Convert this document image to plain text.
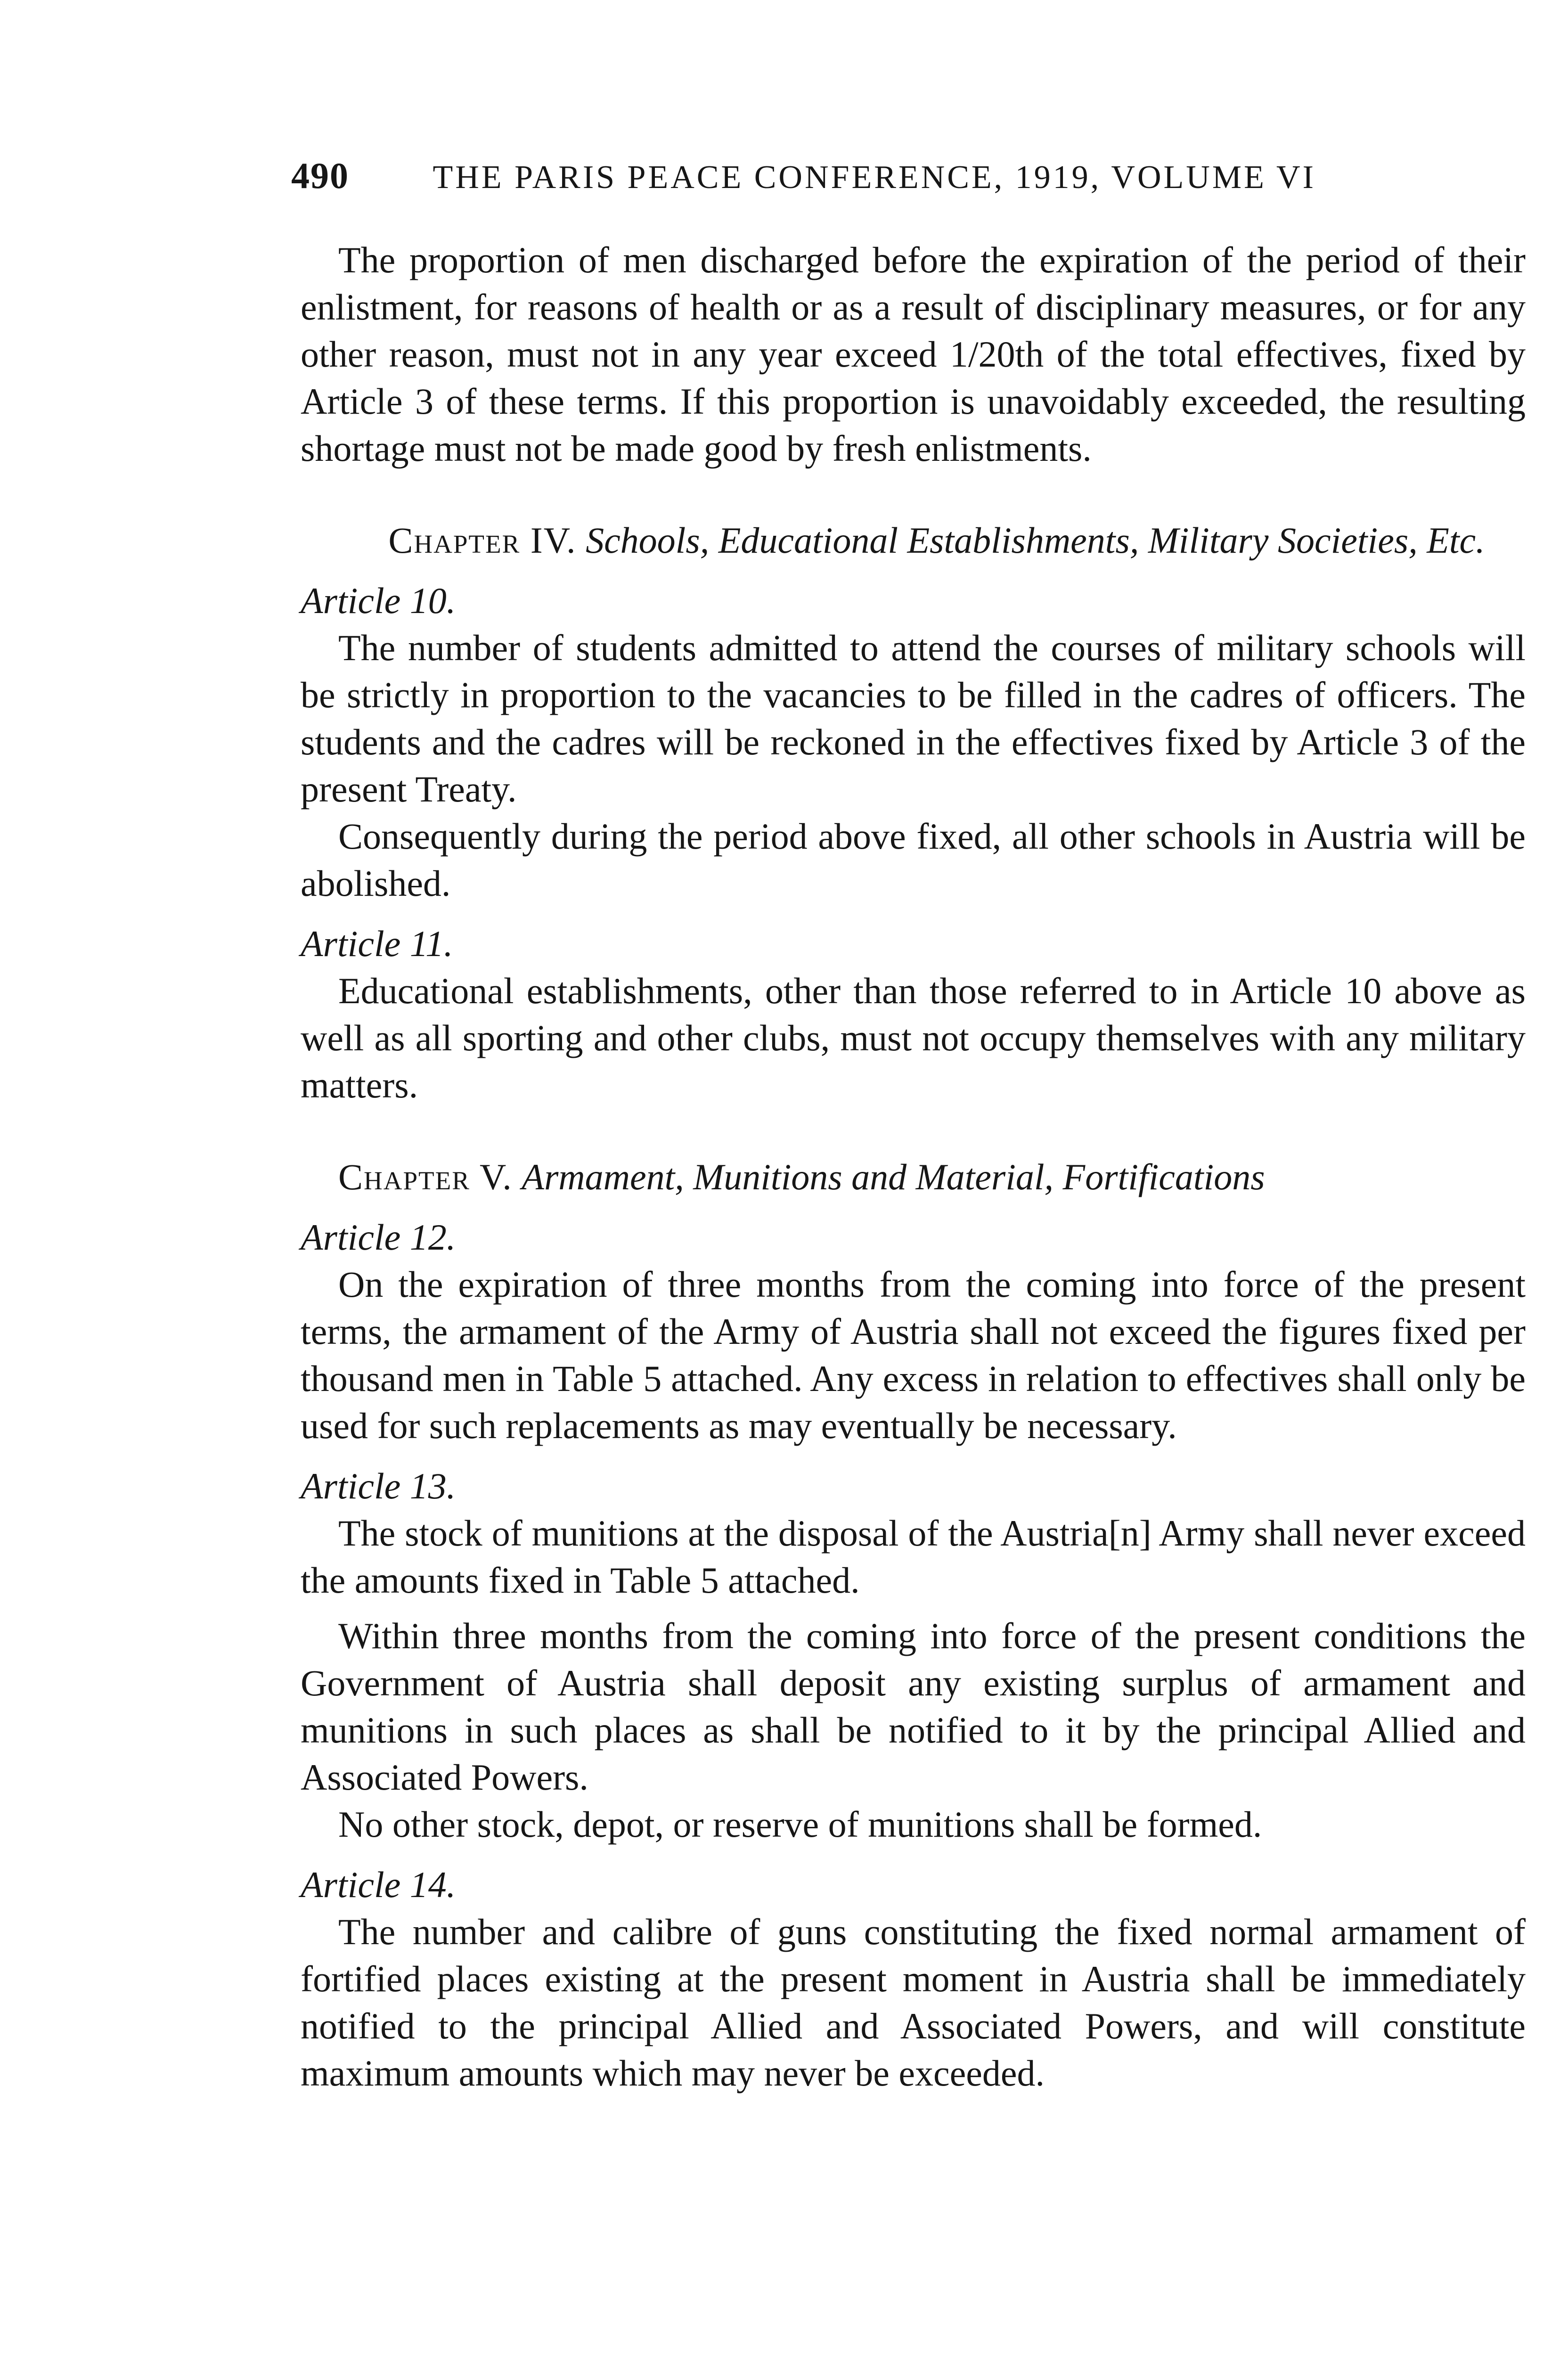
490	THE PARIS PEACE CONFERENCE, 1919, VOLUME VI

The proportion of men discharged before the expiration of the period of their enlistment, for reasons of health or as a result of disciplinary measures, or for any other reason, must not in any year exceed 1/20th of the total effectives, fixed by Article 3 of these terms. If this proportion is unavoidably exceeded, the resulting shortage must not be made good by fresh enlistments.

Chapter IV. Schools, Educational Establishments, Military Societies, Etc.
Article 10.

The number of students admitted to attend the courses of military schools will be strictly in proportion to the vacancies to be filled in the cadres of officers. The students and the cadres will be reckoned in the effectives fixed by Article 3 of the present Treaty.

Consequently during the period above fixed, all other schools in Austria will be abolished.

Article 11.

Educational establishments, other than those referred to in Article 10 above as well as all sporting and other clubs, must not occupy themselves with any military matters.

Chapter V. Armament, Munitions and Material, Fortifications
Article 12.

On the expiration of three months from the coming into force of the present terms, the armament of the Army of Austria shall not exceed the figures fixed per thousand men in Table 5 attached. Any excess in relation to effectives shall only be used for such replacements as may eventually be necessary.

Article 13.

The stock of munitions at the disposal of the Austria[n] Army shall never exceed the amounts fixed in Table 5 attached.

Within three months from the coming into force of the present conditions the Government of Austria shall deposit any existing surplus of armament and munitions in such places as shall be notified to it by the principal Allied and Associated Powers.

No other stock, depot, or reserve of munitions shall be formed.

Article 14.

The number and calibre of guns constituting the fixed normal armament of fortified places existing at the present moment in Austria shall be immediately notified to the principal Allied and Associated Powers, and will constitute maximum amounts which may never be exceeded.
